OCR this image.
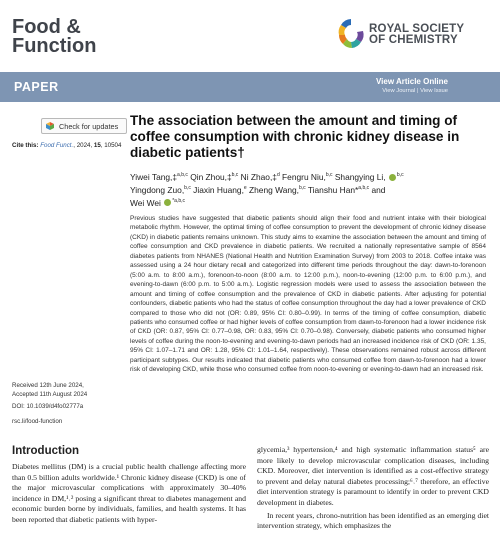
Food &
Function
ROYAL SOCIETY
OF CHEMISTRY
PAPER	View Article Online
View Journal | View Issue
Check for updates
Cite this: Food Funct., 2024, 15, 10504
The association between the amount and timing of coffee consumption with chronic kidney disease in diabetic patients†
Yiwei Tang,‡$^{a,b,c}$ Qin Zhou,‡$^{b,c}$ Ni Zhao,‡$^d$ Fengru Niu,$^{b,c}$ Shangying Li, $^{b,c}$
Yingdong Zuo,$^{b,c}$ Jiaxin Huang,$^e$ Zheng Wang,$^{b,c}$ Tianshu Han*$^{a,b,c}$ and
Wei Wei $^{*a,b,c}$

Previous studies have suggested that diabetic patients should align their food and nutrient intake with their biological metabolic rhythm. However, the optimal timing of coffee consumption to prevent the development of chronic kidney disease (CKD) in diabetic patients remains unknown. This study aims to examine the association between the amount and timing of coffee consumption and CKD prevalence in diabetic patients. We recruited a nationally representative sample of 8564 diabetes patients from NHANES (National Health and Nutrition Examination Survey) from 2003 to 2018. Coffee intake was assessed using a 24 hour dietary recall and categorized into different time periods throughout the day: dawn-to-forenoon (5:00 a.m. to 8:00 a.m.), forenoon-to-noon (8:00 a.m. to 12:00 p.m.), noon-to-evening (12:00 p.m. to 6:00 p.m.), and evening-to-dawn (6:00 p.m. to 5:00 a.m.). Logistic regression models were used to assess the association between the amount and timing of coffee consumption and the prevalence of CKD in diabetic patients. After adjusting for potential confounders, diabetic patients who had the status of coffee consumption throughout the day had a lower prevalence of CKD compared to those who did not (OR: 0.89, 95% CI: 0.80–0.99). In terms of the timing of coffee consumption, diabetic patients who consumed coffee or had higher levels of coffee consumption from dawn-to-forenoon had a lower incidence risk of CKD (OR: 0.87, 95% CI: 0.77–0.98, OR: 0.83, 95% CI: 0.70–0.98). Conversely, diabetic patients who consumed higher levels of coffee during the noon-to-evening and evening-to-dawn periods had an increased incidence risk of CKD (OR: 1.35, 95% CI: 1.07–1.71 and OR: 1.28, 95% CI: 1.01–1.64, respectively). These observations remained robust across different participant subtypes. Our results indicated that diabetic patients who consumed coffee from dawn-to-forenoon had a lower risk of developing CKD, while those who consumed coffee from noon-to-evening or evening-to-dawn had an increased risk.

Received 12th June 2024,
Accepted 11th August 2024
DOI: 10.1039/d4fo02777a
rsc.li/food-function
Introduction

Diabetes mellitus (DM) is a crucial public health challenge affecting more than 0.5 billion adults worldwide.¹ Chronic kidney disease (CKD) is one of the major microvascular complications with approximately 30–40% incidence in DM,¹˒² posing a significant threat to diabetes management and economic burden borne by individuals, families, and health systems. It has been reported that diabetic patients with hyper-

glycemia,³ hypertension,⁴ and high systematic inflammation status⁵ are more likely to develop microvascular complication diseases, including CKD. Moreover, diet intervention is identified as a cost-effective strategy to prevent and delay natural diabetes processing;⁶˒⁷ therefore, an effective diet intervention strategy is paramount to identify in order to prevent CKD development in diabetes.

In recent years, chrono-nutrition has been identified as an emerging diet intervention strategy, which emphasizes the
